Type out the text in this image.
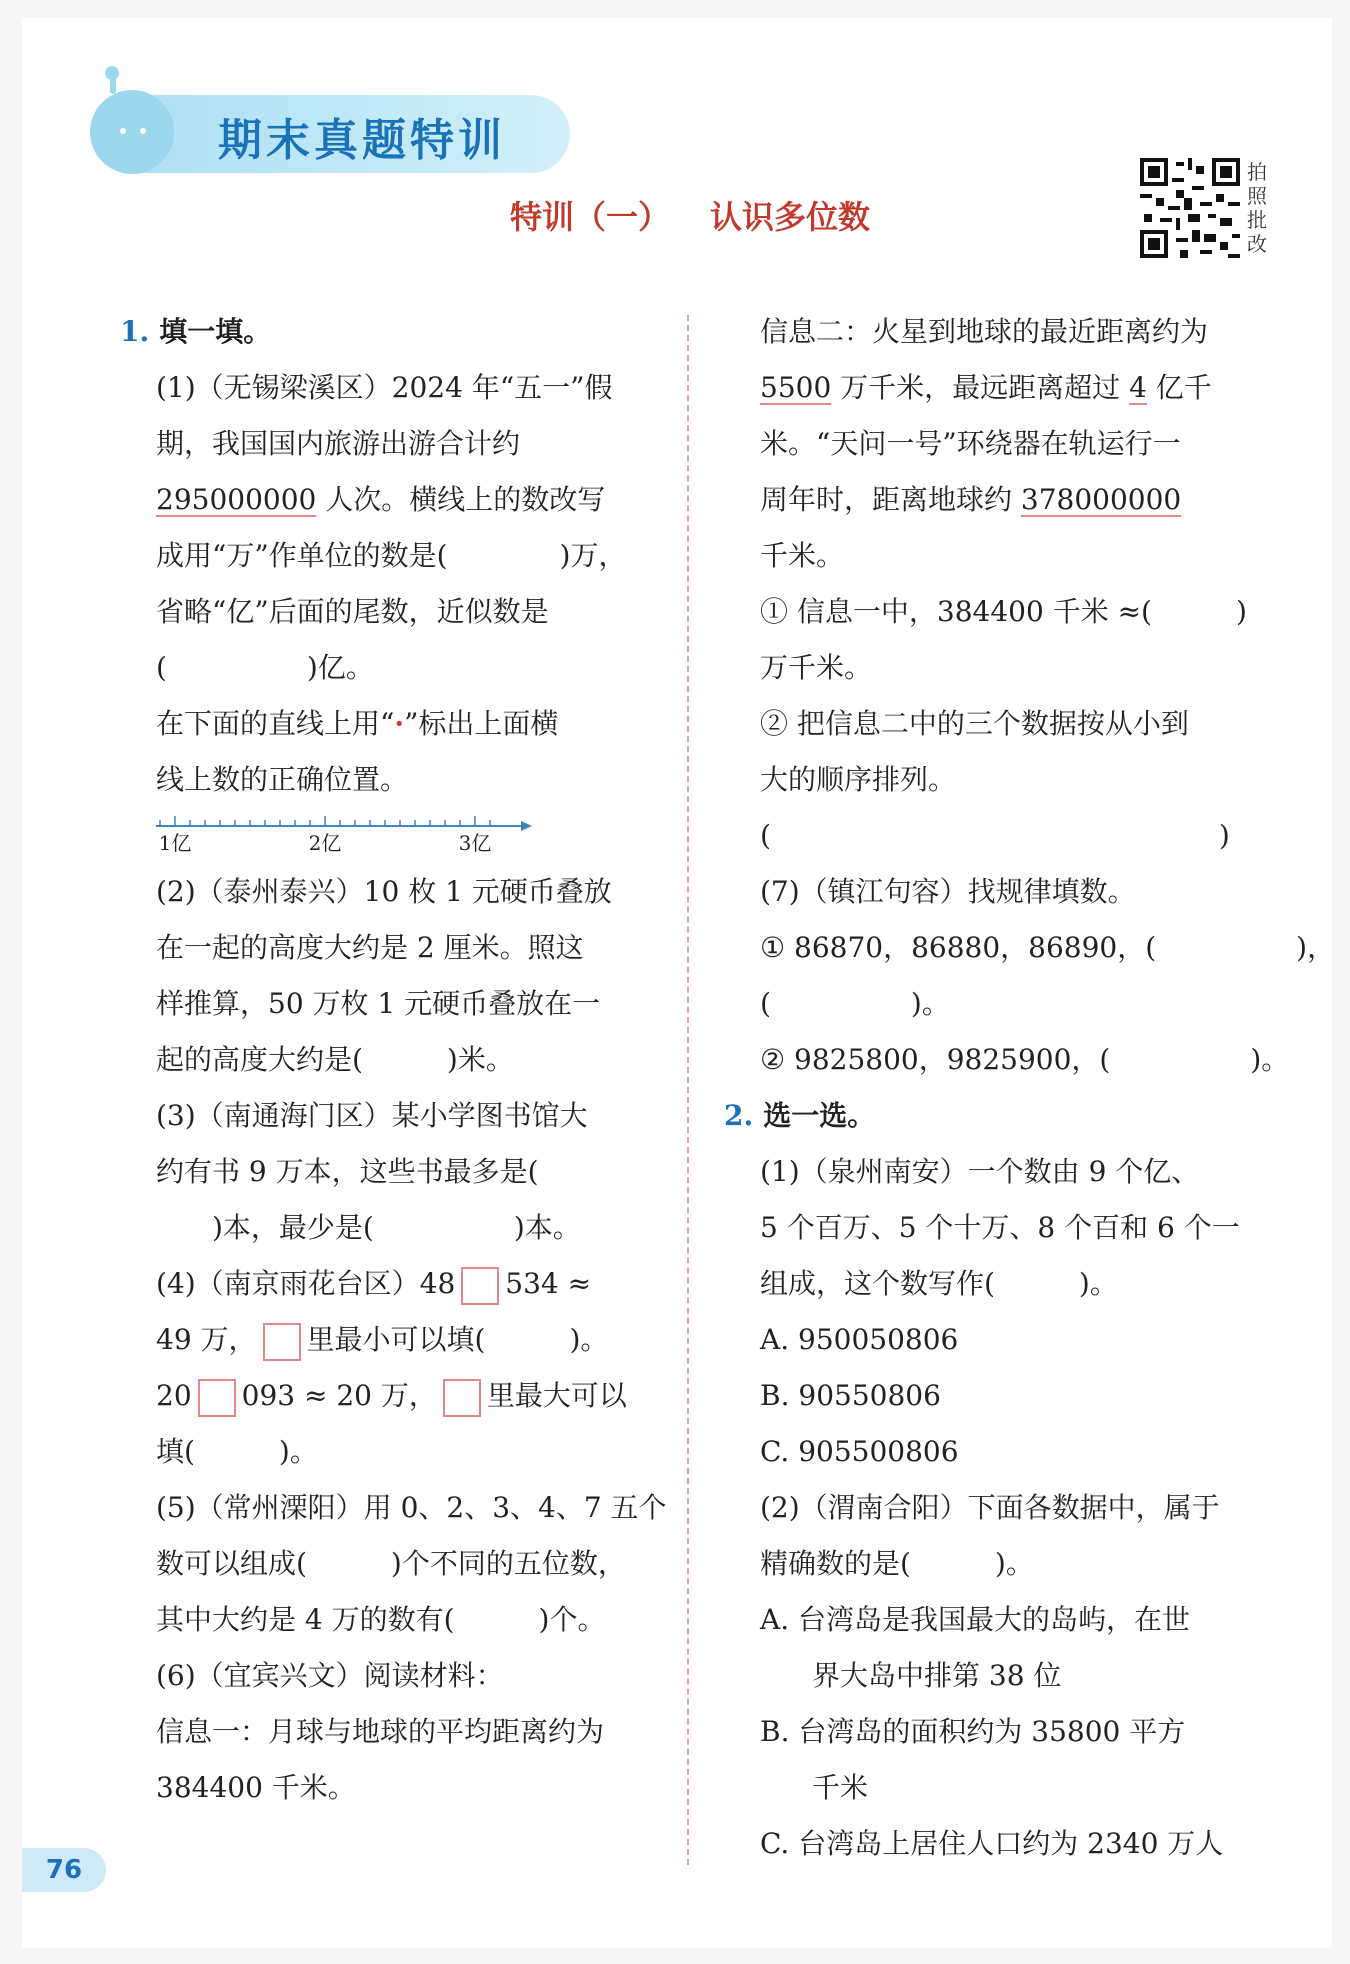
期末真题特训
特训（一） 认识多位数
拍
照
批
改
1. 填一填。
(1)（无锡梁溪区）2024 年“五一”假
期，我国国内旅游出游合计约
295000000 人次。横线上的数改写
成用“万”作单位的数是(　　　　)万，
省略“亿”后面的尾数，近似数是
(　　　　　)亿。
在下面的直线上用“·”标出上面横
线上数的正确位置。
1亿	2亿	3亿
(2)（泰州泰兴）10 枚 1 元硬币叠放
在一起的高度大约是 2 厘米。照这
样推算，50 万枚 1 元硬币叠放在一
起的高度大约是(　　　)米。
(3)（南通海门区）某小学图书馆大
约有书 9 万本，这些书最多是(
　　)本，最少是(　　　　　)本。
(4)（南京雨花台区）48 534 ≈
49 万， 里最小可以填(　　　)。
20 093 ≈ 20 万， 里最大可以
填(　　　)。
(5)（常州溧阳）用 0、2、3、4、7 五个
数可以组成(　　　)个不同的五位数，
其中大约是 4 万的数有(　　　)个。
(6)（宜宾兴文）阅读材料：
信息一：月球与地球的平均距离约为
384400 千米。
信息二：火星到地球的最近距离约为
5500 万千米，最远距离超过 4 亿千
米。“天问一号”环绕器在轨运行一
周年时，距离地球约 378000000
千米。
① 信息一中，384400 千米 ≈(　　　)
万千米。
② 把信息二中的三个数据按从小到
大的顺序排列。
(　　　　　　　　　　　　　　　　)
(7)（镇江句容）找规律填数。
① 86870，86880，86890，(　　　　　)，
(　　　　　)。
② 9825800，9825900，(　　　　　)。
2. 选一选。
(1)（泉州南安）一个数由 9 个亿、
5 个百万、5 个十万、8 个百和 6 个一
组成，这个数写作(　　　)。
A. 950050806
B. 90550806
C. 905500806
(2)（渭南合阳）下面各数据中，属于
精确数的是(　　　)。
A. 台湾岛是我国最大的岛屿，在世
界大岛中排第 38 位
B. 台湾岛的面积约为 35800 平方
千米
C. 台湾岛上居住人口约为 2340 万人
76
